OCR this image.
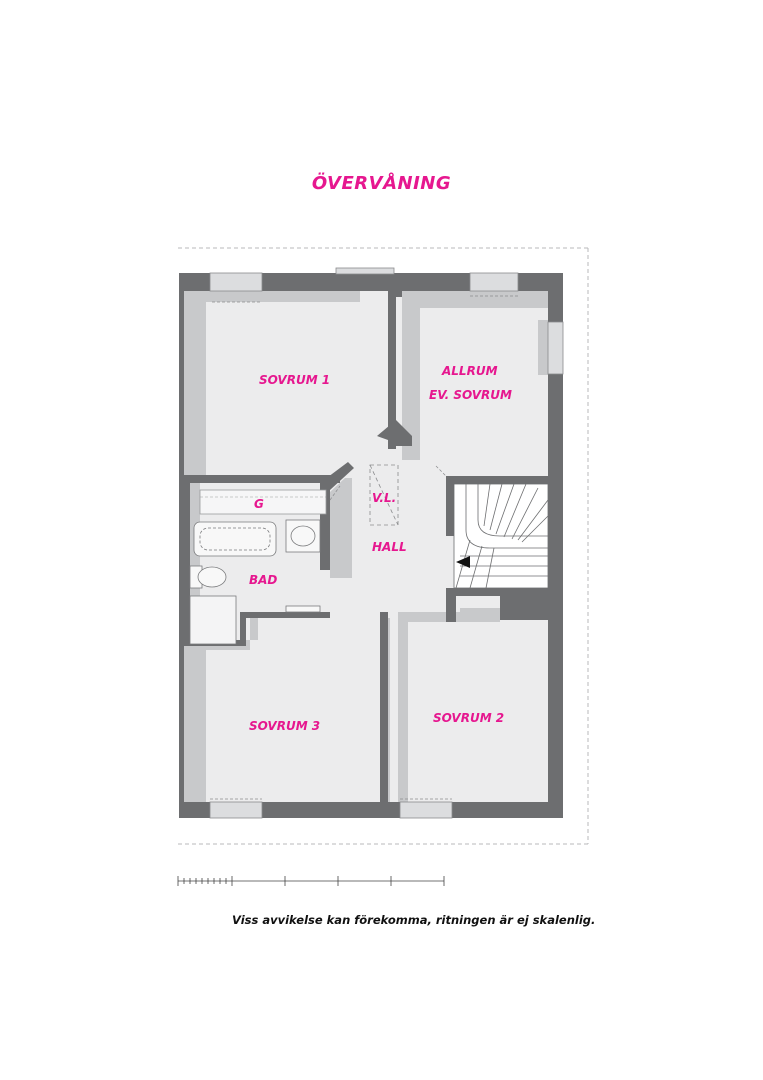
ÖVERVÅNING
SOVRUM 1
ALLRUM
EV. SOVRUM
G	V.L.
HALL
BAD
SOVRUM 3
SOVRUM 2
Viss avvikelse kan förekomma, ritningen är ej skalenlig.
